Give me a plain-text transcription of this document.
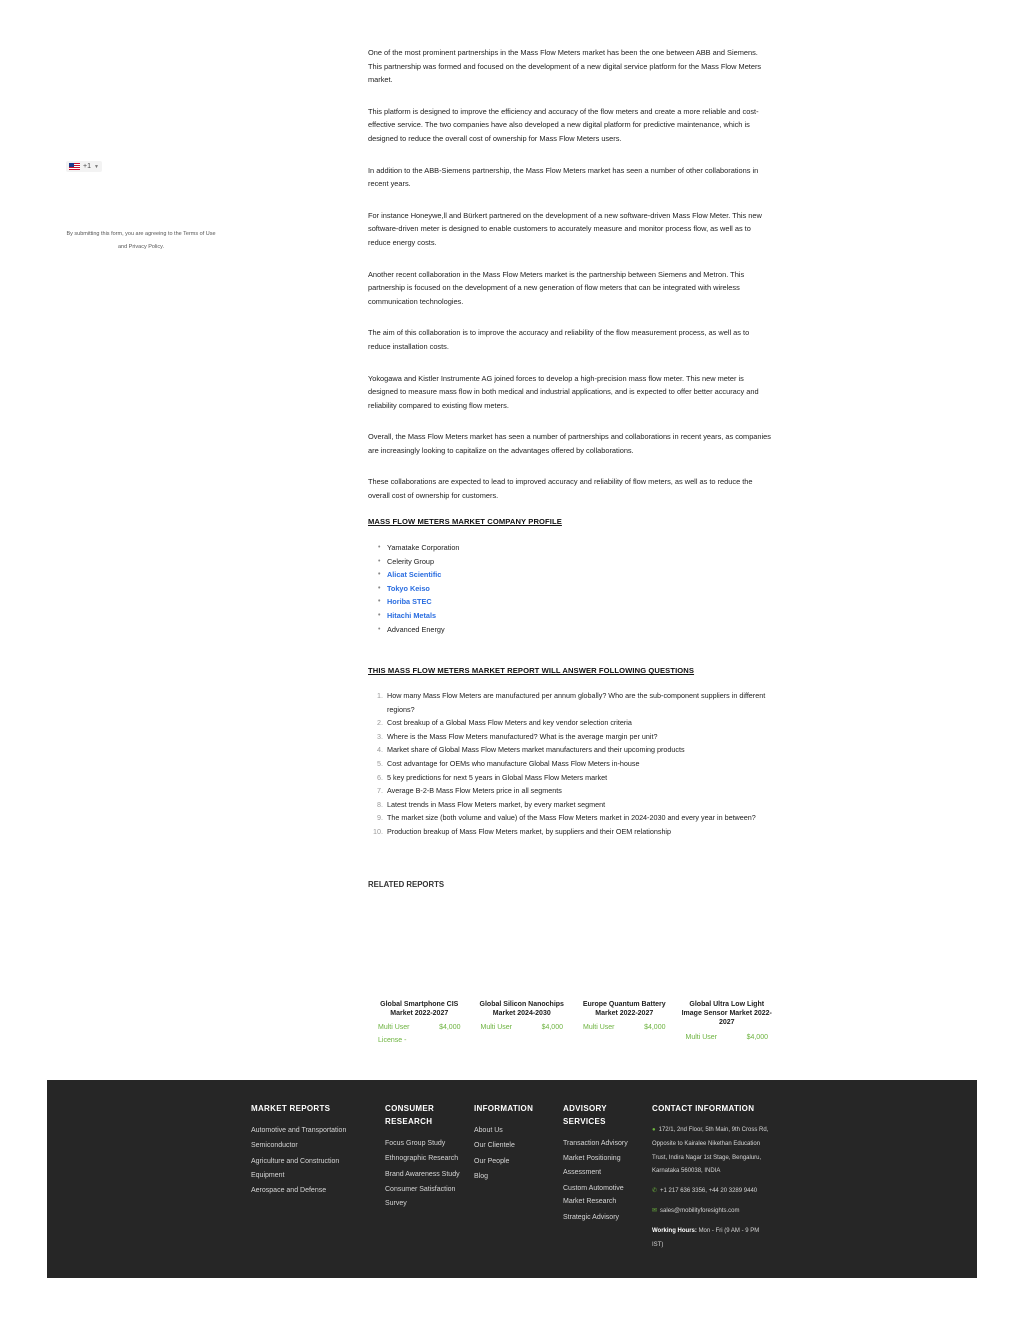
+1 ▼
By submitting this form, you are agreeing to the Terms of Use and Privacy Policy.

One of the most prominent partnerships in the Mass Flow Meters market has been the one between ABB and Siemens. This partnership was formed and focused on the development of a new digital service platform for the Mass Flow Meters market.

This platform is designed to improve the efficiency and accuracy of the flow meters and create a more reliable and cost-effective service. The two companies have also developed a new digital platform for predictive maintenance, which is designed to reduce the overall cost of ownership for Mass Flow Meters users.

In addition to the ABB-Siemens partnership, the Mass Flow Meters market has seen a number of other collaborations in recent years.

For instance Honeywe,ll and Bürkert partnered on the development of a new software-driven Mass Flow Meter. This new software-driven meter is designed to enable customers to accurately measure and monitor process flow, as well as to reduce energy costs.

Another recent collaboration in the Mass Flow Meters market is the partnership between Siemens and Metron. This partnership is focused on the development of a new generation of flow meters that can be integrated with wireless communication technologies.

The aim of this collaboration is to improve the accuracy and reliability of the flow measurement process, as well as to reduce installation costs.

Yokogawa and Kistler Instrumente AG joined forces to develop a high-precision mass flow meter. This new meter is designed to measure mass flow in both medical and industrial applications, and is expected to offer better accuracy and reliability compared to existing flow meters.

Overall, the Mass Flow Meters market has seen a number of partnerships and collaborations in recent years, as companies are increasingly looking to capitalize on the advantages offered by collaborations.

These collaborations are expected to lead to improved accuracy and reliability of flow meters, as well as to reduce the overall cost of ownership for customers.

MASS FLOW METERS MARKET COMPANY PROFILE
• Yamatake Corporation
• Celerity Group
• Alicat Scientific
• Tokyo Keiso
• Horiba STEC
• Hitachi Metals
• Advanced Energy
THIS MASS FLOW METERS MARKET REPORT WILL ANSWER FOLLOWING QUESTIONS
1. How many Mass Flow Meters are manufactured per annum globally? Who are the sub-component suppliers in different regions?
2. Cost breakup of a Global Mass Flow Meters and key vendor selection criteria
3. Where is the Mass Flow Meters manufactured? What is the average margin per unit?
4. Market share of Global Mass Flow Meters market manufacturers and their upcoming products
5. Cost advantage for OEMs who manufacture Global Mass Flow Meters in-house
6. 5 key predictions for next 5 years in Global Mass Flow Meters market
7. Average B-2-B Mass Flow Meters price in all segments
8. Latest trends in Mass Flow Meters market, by every market segment
9. The market size (both volume and value) of the Mass Flow Meters market in 2024-2030 and every year in between?
10. Production breakup of Mass Flow Meters market, by suppliers and their OEM relationship
RELATED REPORTS
Global Smartphone CIS Market 2022-2027
Multi User License -
$4,000
Global Silicon Nanochips Market 2024-2030
Multi User	$4,000
Europe Quantum Battery Market 2022-2027
Multi User	$4,000
Global Ultra Low Light Image Sensor Market 2022-2027
Multi User	$4,000
MARKET REPORTS
Automotive and Transportation
Semiconductor
Agriculture and Construction Equipment
Aerospace and Defense
CONSUMER RESEARCH
Focus Group Study
Ethnographic Research
Brand Awareness Study
Consumer Satisfaction Survey
INFORMATION
About Us
Our Clientele
Our People
Blog
ADVISORY SERVICES
Transaction Advisory
Market Positioning Assessment
Custom Automotive Market Research
Strategic Advisory
CONTACT INFORMATION
● 172/1, 2nd Floor, 5th Main, 9th Cross Rd, Opposite to Kairalee Nikethan Education Trust, Indira Nagar 1st Stage, Bengaluru, Karnataka 560038, INDIA
✆ +1 217 636 3356, +44 20 3289 9440
✉ sales@mobilityforesights.com
Working Hours: Mon - Fri (9 AM - 9 PM IST)
